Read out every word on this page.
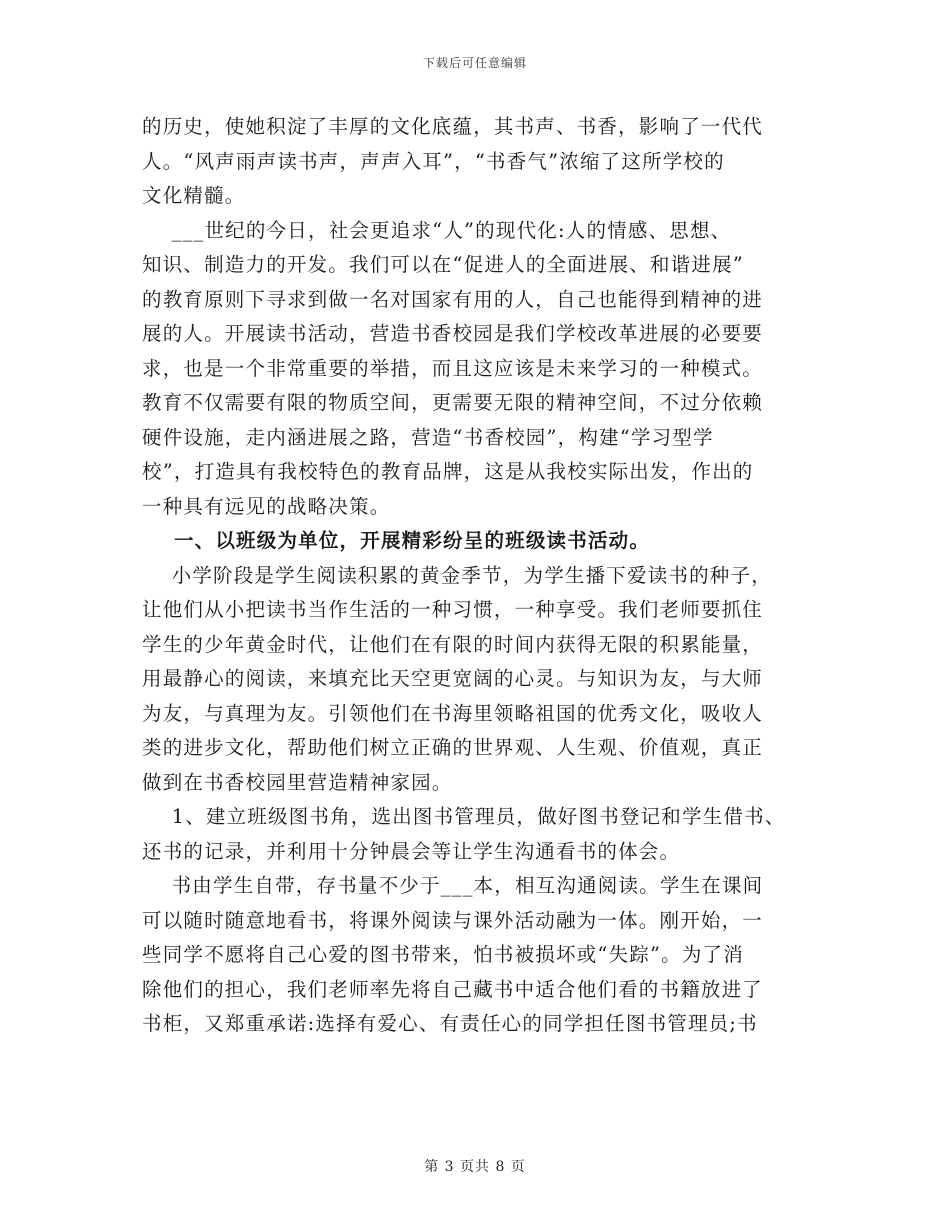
下载后可任意编辑
的历史，使她积淀了丰厚的文化底蕴，其书声、书香，影响了一代代
人。“风声雨声读书声，声声入耳”，“书香气”浓缩了这所学校的
文化精髓。
___世纪的今日，社会更追求“人”的现代化:人的情感、思想、
知识、制造力的开发。我们可以在“促进人的全面进展、和谐进展”
的教育原则下寻求到做一名对国家有用的人，自己也能得到精神的进
展的人。开展读书活动，营造书香校园是我们学校改革进展的必要要
求，也是一个非常重要的举措，而且这应该是未来学习的一种模式。
教育不仅需要有限的物质空间，更需要无限的精神空间，不过分依赖
硬件设施，走内涵进展之路，营造“书香校园”，构建“学习型学
校”，打造具有我校特色的教育品牌，这是从我校实际出发，作出的
一种具有远见的战略决策。
一、以班级为单位，开展精彩纷呈的班级读书活动。
小学阶段是学生阅读积累的黄金季节，为学生播下爱读书的种子，
让他们从小把读书当作生活的一种习惯，一种享受。我们老师要抓住
学生的少年黄金时代，让他们在有限的时间内获得无限的积累能量，
用最静心的阅读，来填充比天空更宽阔的心灵。与知识为友，与大师
为友，与真理为友。引领他们在书海里领略祖国的优秀文化，吸收人
类的进步文化，帮助他们树立正确的世界观、人生观、价值观，真正
做到在书香校园里营造精神家园。
1、建立班级图书角，选出图书管理员，做好图书登记和学生借书、
还书的记录，并利用十分钟晨会等让学生沟通看书的体会。
书由学生自带，存书量不少于___本，相互沟通阅读。学生在课间
可以随时随意地看书，将课外阅读与课外活动融为一体。刚开始，一
些同学不愿将自己心爱的图书带来，怕书被损坏或“失踪”。为了消
除他们的担心，我们老师率先将自己藏书中适合他们看的书籍放进了
书柜，又郑重承诺:选择有爱心、有责任心的同学担任图书管理员;书
第 3 页共 8 页
